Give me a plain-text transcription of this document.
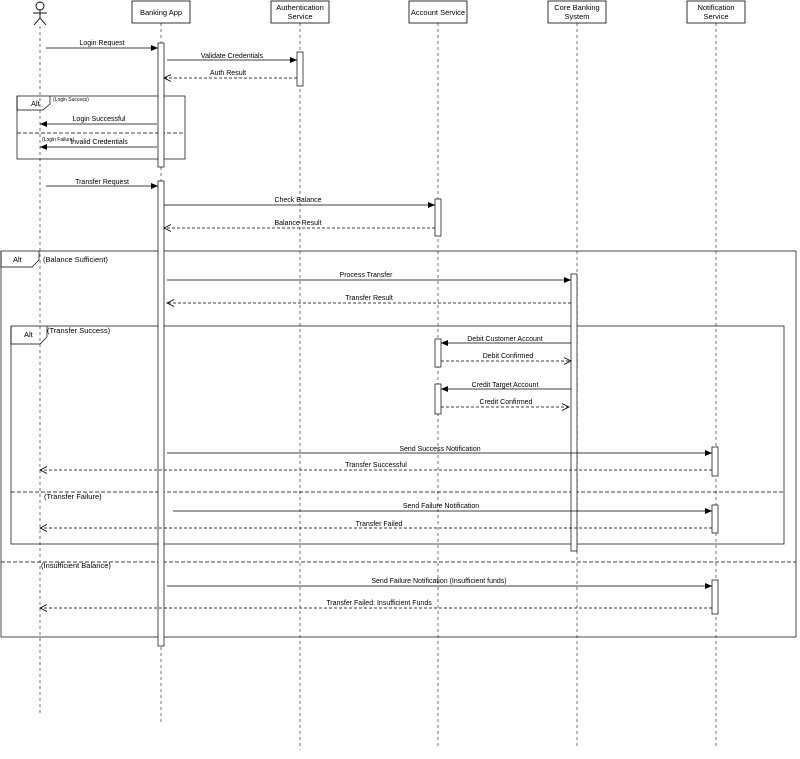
Banking App
Authentication
Service	Account Service
Core Banking
System
Notification
Service
Alt	(Login Success)
(Login Failure)
Alt	(Balance Sufficient)
(Insufficient Balance)
Alt (Transfer Success)
(Transfer Failure)
Login Request
Validate Credentials
Auth Result
Login Successful
Invalid Credentials
Transfer Request
Check Balance
Balance Result
Process Transfer
Transfer Result
Debit Customer Account
Debit Confirmed
Credit Target Account
Credit Confirmed
Send Success Notification
Transfer Successful
Send Failure Notification
Transfer Failed
Send Failure Notification (Insufficient funds)
Transfer Failed: Insufficient Funds
